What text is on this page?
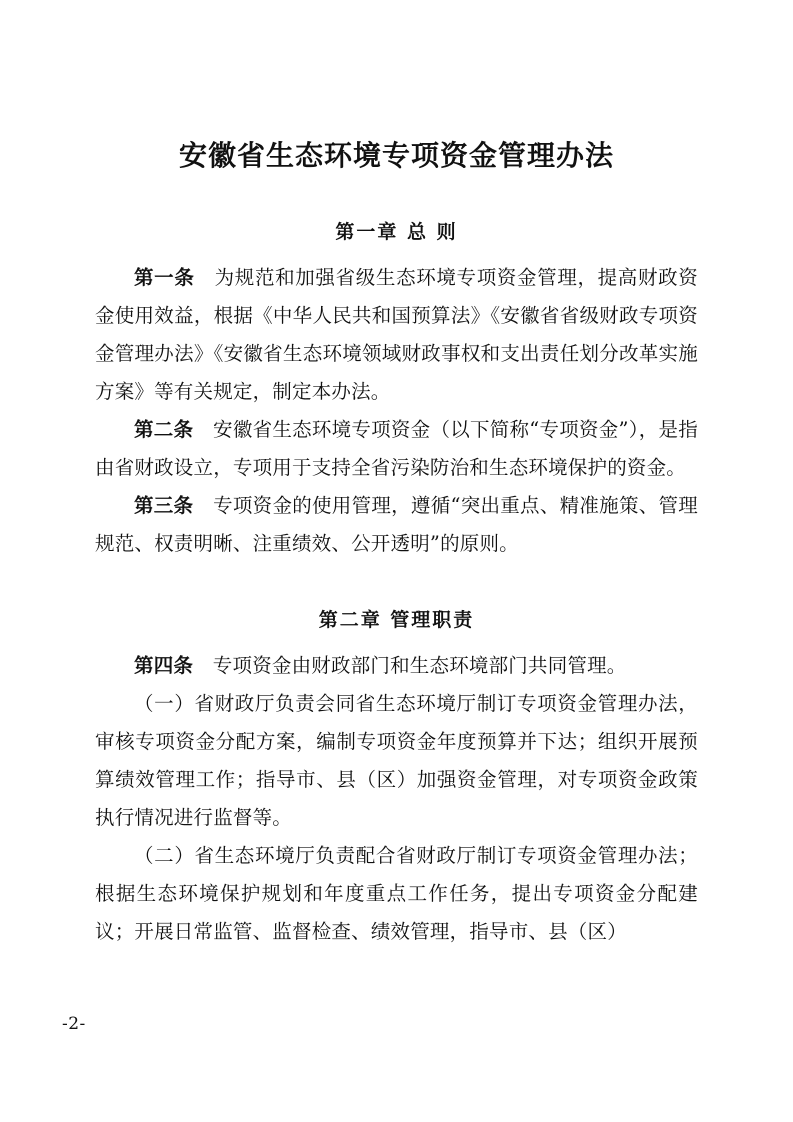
安徽省生态环境专项资金管理办法
第一章 总 则

第一条　为规范和加强省级生态环境专项资金管理，提高财政资金使用效益，根据《中华人民共和国预算法》《安徽省省级财政专项资金管理办法》《安徽省生态环境领域财政事权和支出责任划分改革实施方案》等有关规定，制定本办法。

第二条　安徽省生态环境专项资金（以下简称“专项资金”），是指由省财政设立，专项用于支持全省污染防治和生态环境保护的资金。

第三条　专项资金的使用管理，遵循“突出重点、精准施策、管理规范、权责明晰、注重绩效、公开透明”的原则。

第二章 管理职责

第四条　专项资金由财政部门和生态环境部门共同管理。

（一）省财政厅负责会同省生态环境厅制订专项资金管理办法，审核专项资金分配方案，编制专项资金年度预算并下达；组织开展预算绩效管理工作；指导市、县（区）加强资金管理，对专项资金政策执行情况进行监督等。

（二）省生态环境厅负责配合省财政厅制订专项资金管理办法；根据生态环境保护规划和年度重点工作任务，提出专项资金分配建议；开展日常监管、监督检查、绩效管理，指导市、县（区）

-2-
